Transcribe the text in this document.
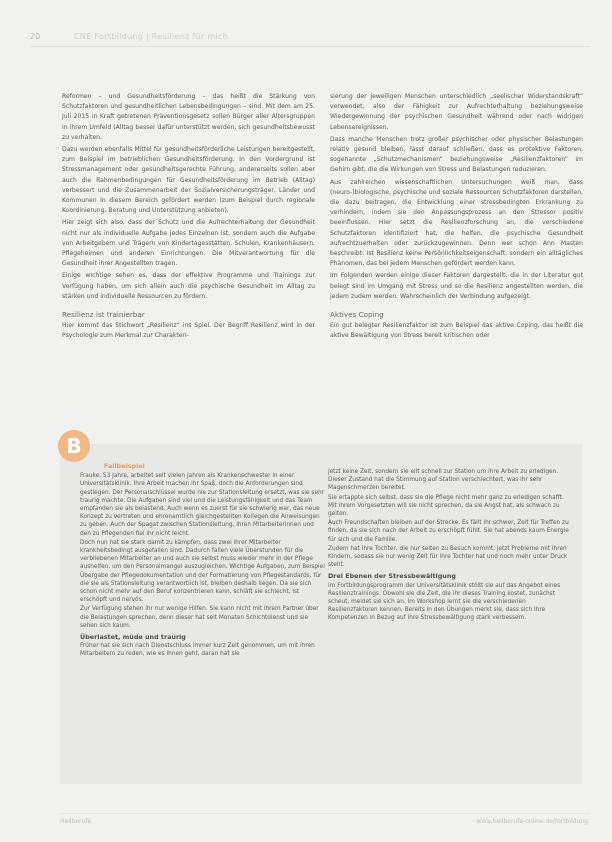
20	CNE Fortbildung | Resilienz für mich

Reformen – und Gesundheitsförderung – das heißt die Stärkung von Schutzfaktoren und gesundheitlichen Lebensbedingungen – sind. Mit dem am 25. Juli 2015 in Kraft getretenen Präventionsgesetz sollen Bürger aller Altersgruppen in ihrem Umfeld (Alltag besser dafür unterstützt werden, sich gesundheitsbewusst zu verhalten.

Dazu werden ebenfalls Mittel für gesundheitsförderliche Leistungen bereitgestellt, zum Beispiel im betrieblichen Gesundheitsförderung. In den Vordergrund ist Stressmanagement oder gesundheitsgerechte Führung, andererseits sollen aber auch die Rahmenbedingungen für Gesundheitsförderung im Betrieb (Alltag) verbessert und die Zusammenarbeit der Sozialversicherungsträger, Länder und Kommunen in diesem Bereich gefördert werden (zum Beispiel durch regionale Koordinierung, Beratung und Unterstützung anbieten).

Hier zeigt sich also, dass der Schutz und die Aufrechterhaltung der Gesundheit nicht nur als individuelle Aufgabe jedes Einzelnen ist, sondern auch die Aufgabe von Arbeitgebern und Trägern von Kindertagesstätten, Schulen, Krankenhäusern, Pflegeheimen und anderen Einrichtungen. Die Mitverantwortung für die Gesundheit ihrer Angestellten tragen.

Einige wichtige sehen es, dass der effektive Programme und Trainings zur Verfügung haben, um sich allein auch die psychische Gesundheit im Alltag zu stärken und individuelle Ressourcen zu fördern.

Resilienz ist trainierbar

Hier kommt das Stichwort „Resilienz“ ins Spiel. Der Begriff Resilienz wird in der Psychologie zum Merkmal zur Charakteri-

sierung der jeweiligen Menschen unterschiedlich „seelischer Widerstandskraft“ verwendet, also der Fähigkeit zur Aufrechterhaltung beziehungsweise Wiedergewinnung der psychischen Gesundheit während oder nach widrigen Lebensereignissen.

Dass manche Menschen trotz großer psychischer oder physischer Belastungen relativ gesund bleiben, lässt darauf schließen, dass es protektive Faktoren, sogenannte „Schutzmechanismen“ beziehungsweise „Resilienzfaktoren“ im Gehirn gibt, die die Wirkungen von Stress und Belastungen reduzieren.

Aus zahlreichen wissenschaftlichen Untersuchungen weiß man, dass (neuro-)biologische, psychische und soziale Ressourcen Schutzfaktoren darstellen, die dazu beitragen, die Entwicklung einer stressbedingten Erkrankung zu verhindern, indem sie den Anpassungsprozess an den Stressor positiv beeinflussen. Hier setzt die Resilienzforschung an, die verschiedene Schutzfaktoren identifiziert hat, die helfen, die psychische Gesundheit aufrechtzuerhalten oder zurückzugewinnen. Denn wer schon Ann Masten beschreibt: Ist Resilienz keine Persönlichkeitseigenschaft, sondern ein alltägliches Phänomen, das bei jedem Menschen gefördert werden kann.

Im Folgenden werden einige dieser Faktoren dargestellt, die in der Literatur gut belegt sind im Umgang mit Stress und so die Resilienz angestellten werden, die jedem zudem werden. Wahrscheinlich der Verbindung aufgezeigt.

Aktives Coping

Ein gut belegter Resilienzfaktor ist zum Beispiel das aktive Coping, das heißt die aktive Bewältigung von Stress bereit kritischen oder

Fallbeispiel

Frauke, 53 Jahre, arbeitet seit vielen Jahren als Krankenschwester in einer Universitätsklinik. Ihre Arbeit machen ihr Spaß, doch die Anforderungen sind gestiegen. Der Personalschlüssel wurde nie zur Stationsleitung ersetzt, was sie sehr traurig machte. Die Aufgaben sind viel und die Leistungsfähigkeit und das Team empfanden sie als belastend. Auch wenn es zuerst für sie schwierig war, das neue Konzept zu vertreten und ehrenamtlich gleichgestellten Kollegen die Anweisungen zu geben. Auch der Spagat zwischen Stationsleitung, ihren Mitarbeiterinnen und den zu Pflegenden fiel ihr nicht leicht.

Doch nun hat sie stark damit zu kämpfen, dass zwei ihrer Mitarbeiter krankheitsbedingt ausgefallen sind. Dadurch fallen viele Überstunden für die verbliebenen Mitarbeiter an und auch sie selbst muss wieder mehr in der Pflege aushelfen, um den Personalmangel auszugleichen. Wichtige Aufgaben, zum Beispiel Übergabe der Pflegedokumentation und der Formatierung von Pflegestandards, für die sie als Stationsleitung verantwortlich ist, bleiben deshalb liegen. Da sie sich schon nicht mehr auf den Beruf konzentrieren kann, schläft sie schlecht, ist erschöpft und nervös.

Zur Verfügung stehen ihr nur wenige Hilfen. Sie kann nicht mit ihrem Partner über die Belastungen sprechen, denn dieser hat seit Monaten Schichtdienst und sie sehen sich kaum.

Überlastet, müde und traurig

Früher hat sie sich nach Dienstschluss immer kurz Zeit genommen, um mit ihren Mitarbeitern zu reden, wie es ihnen geht, daran hat sie

jetzt keine Zeit, sondern sie eilt schnell zur Station um ihre Arbeit zu erledigen. Dieser Zustand hat die Stimmung auf Station verschlechtert, was ihr sehr Magenschmerzen bereitet.

Sie ertappte sich selbst, dass sie die Pflege nicht mehr ganz zu erledigen schafft. Mit ihrem Vorgesetzten will sie nicht sprechen, da sie Angst hat, als schwach zu gelten.

Auch Freundschaften bleiben auf der Strecke. Es fällt ihr schwer, Zeit für Treffen zu finden, da sie sich nach der Arbeit zu erschöpft fühlt. Sie hat abends kaum Energie für sich und die Familie.

Zudem hat ihre Tochter, die nur selten zu Besuch kommt, jetzt Probleme mit ihren Kindern, sodass sie nur wenig Zeit für ihre Tochter hat und noch mehr unter Druck steht.

Drei Ebenen der Stressbewältigung

Im Fortbildungsprogramm der Universitätsklinik stößt sie auf das Angebot eines Resilienztrainings. Obwohl sie die Zeit, die ihr dieses Training kostet, zunächst scheut, meldet sie sich an. Im Workshop lernt sie die verschiedenen Resilienzfaktoren kennen. Bereits in den Übungen merkt sie, dass sich Ihre Kompetenzen in Bezug auf ihre Stressbewältigung stark verbessern.

B
Heilberufe	www.heilberufe-online.de/fortbildung
